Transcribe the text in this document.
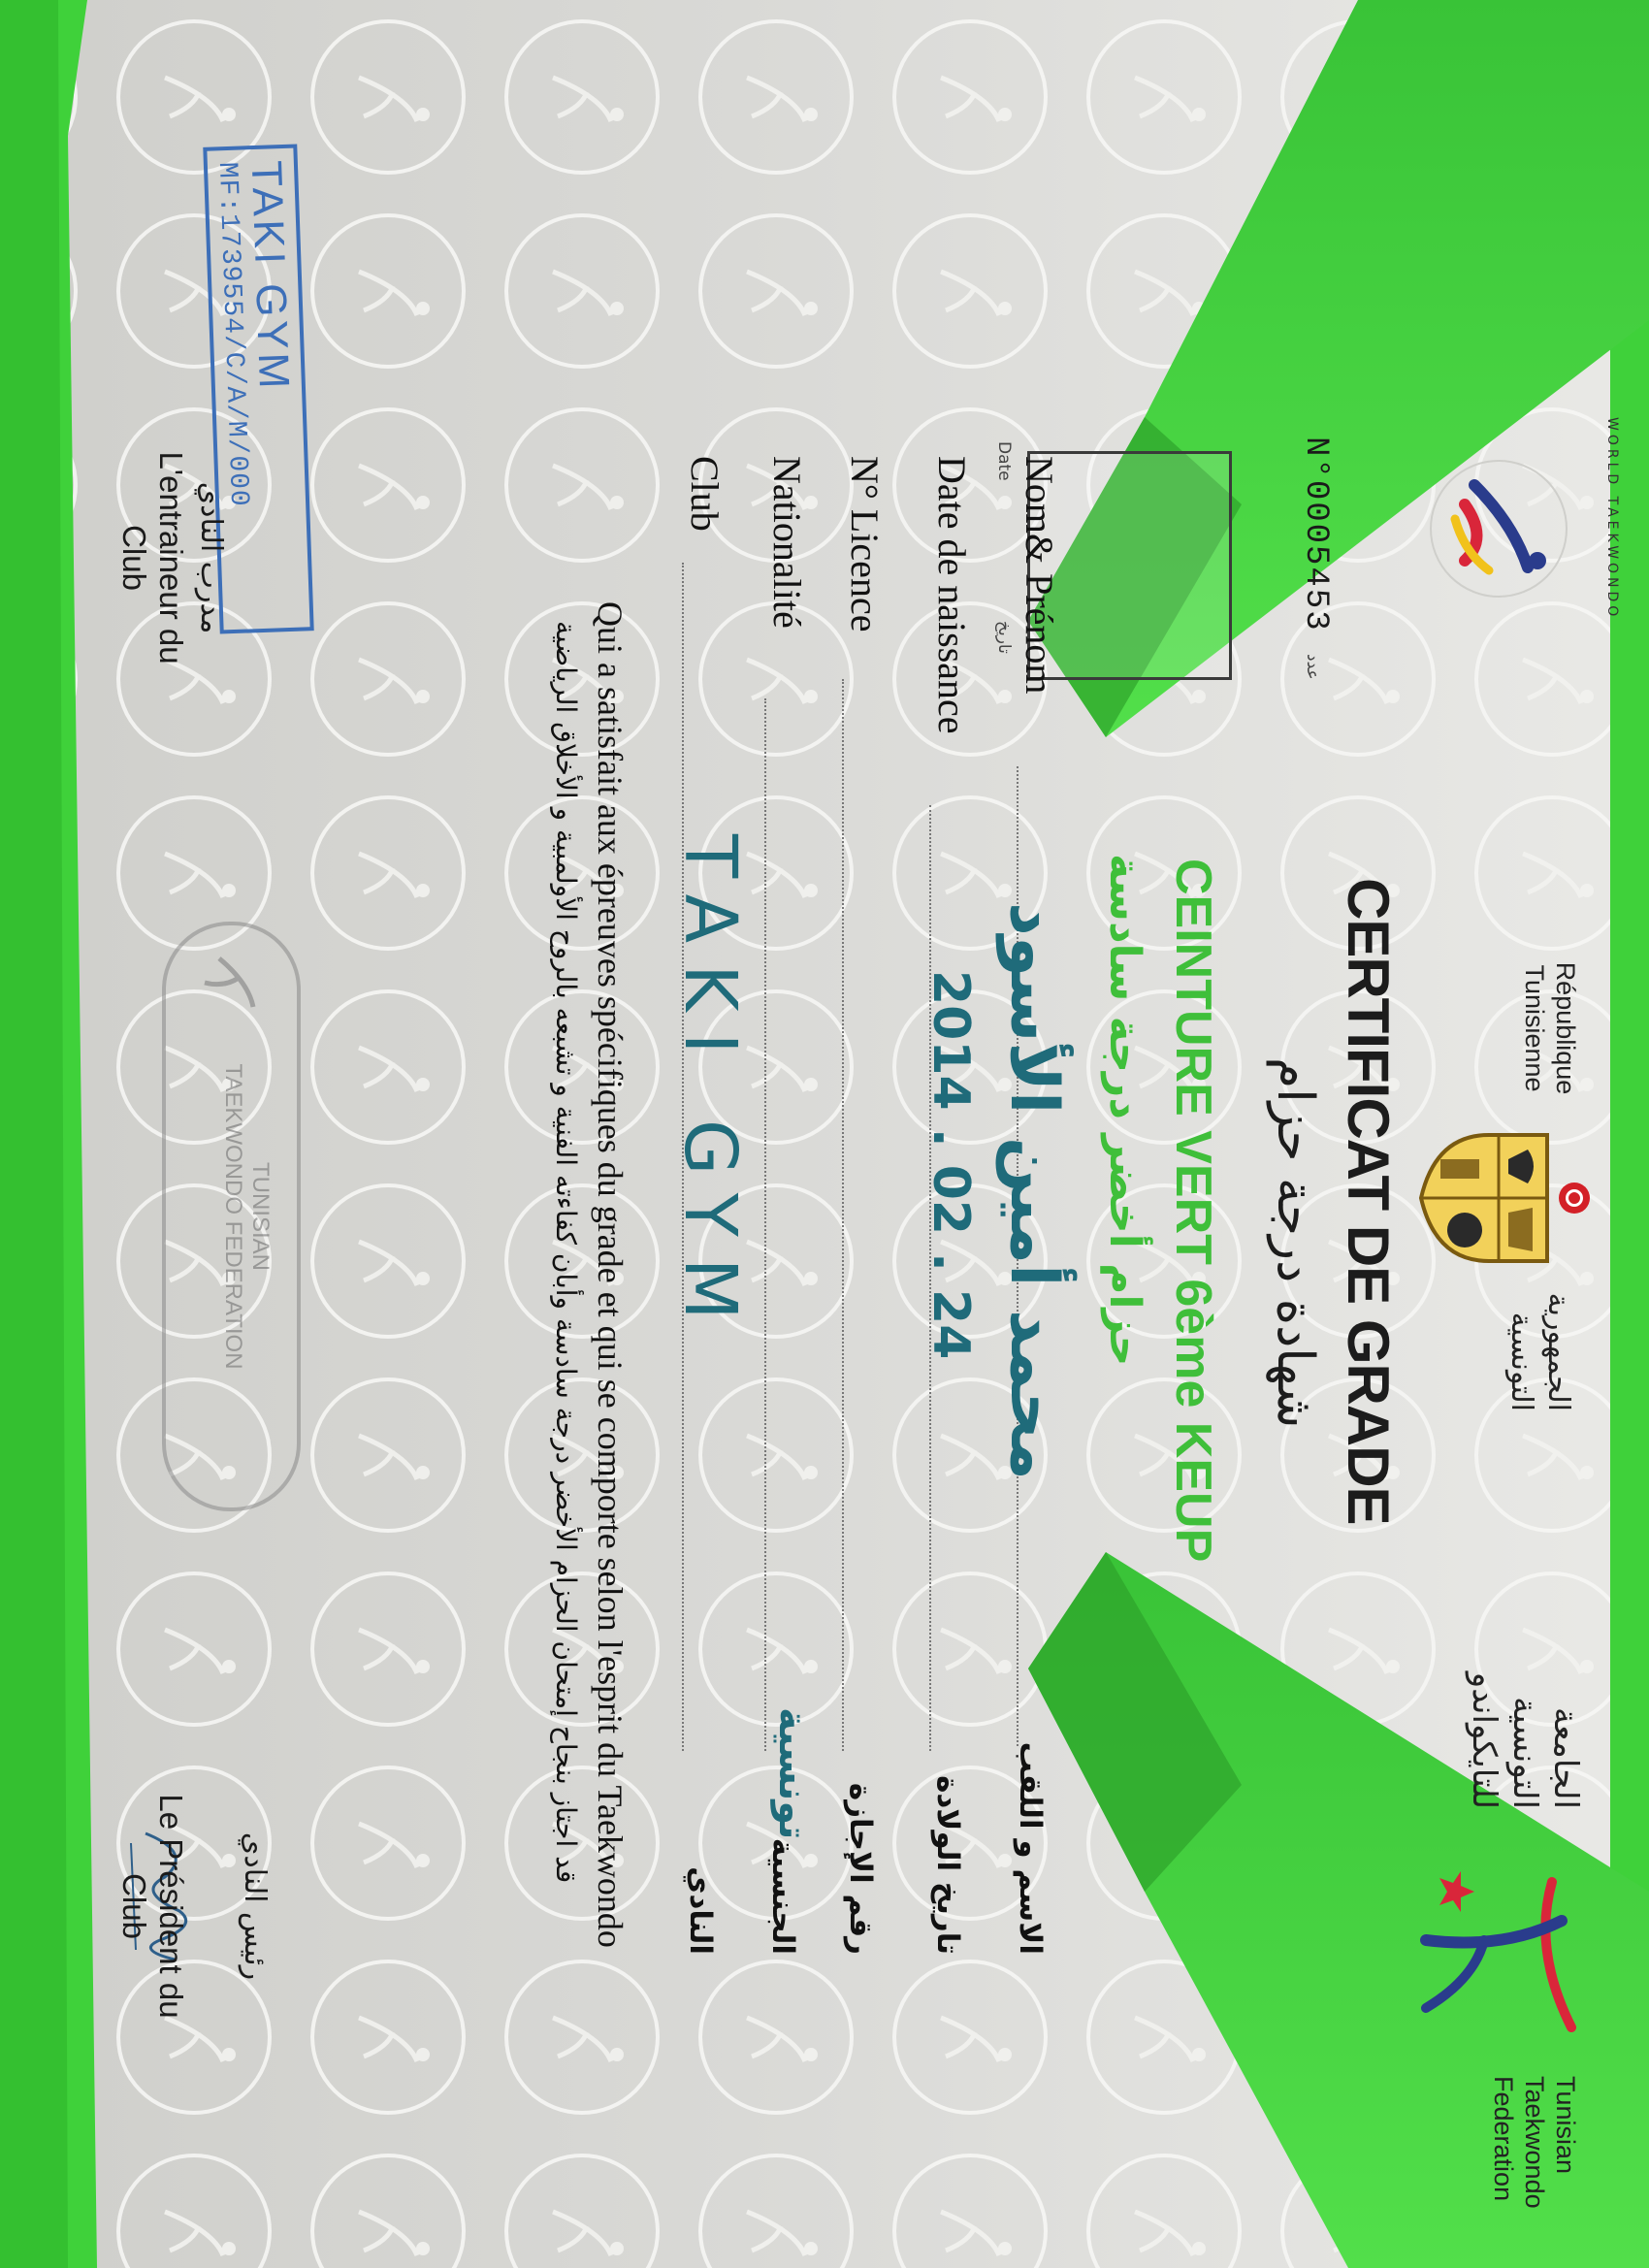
WORLD TAEKWONDO
République Tunisienne
الجمهورية التونسية
الجامعة التونسية للتايكواندو
Tunisian Taekwondo Federation
CERTIFICAT DE GRADE
شهادة درجة حزام
CEINTURE VERT 6ème KEUP
حزام أخضر درجة سادسة
N°0005453 عدد
Date
تاريخ Nom& Prénom
محمد أمين الأسود
الاسم و اللقب
Date de naissance
2014 . 02 . 24
تاريخ الولادة
N° Licence
رقم الإجازة
Nationalité
تونسية
الجنسية
Club
TAKI GYM
النادي
Qui a satisfait aux épreuves spécifiques du grade et qui se comporte selon l'esprit du Taekwondo
قد اجتاز بنجاح إمتحان الحزام الأخضر درجة سادسة وأبان كفاءته الفنية و تشبعه بالروح الأولمبية و الأخلاق الرياضية
TAKI GYM
MF:1739554/C/A/M/000
مدرب النادي
L'entraineur du Club
TUNISIAN
TAEKWONDO FEDERATION
رئيس النادي
Le Président du Club
